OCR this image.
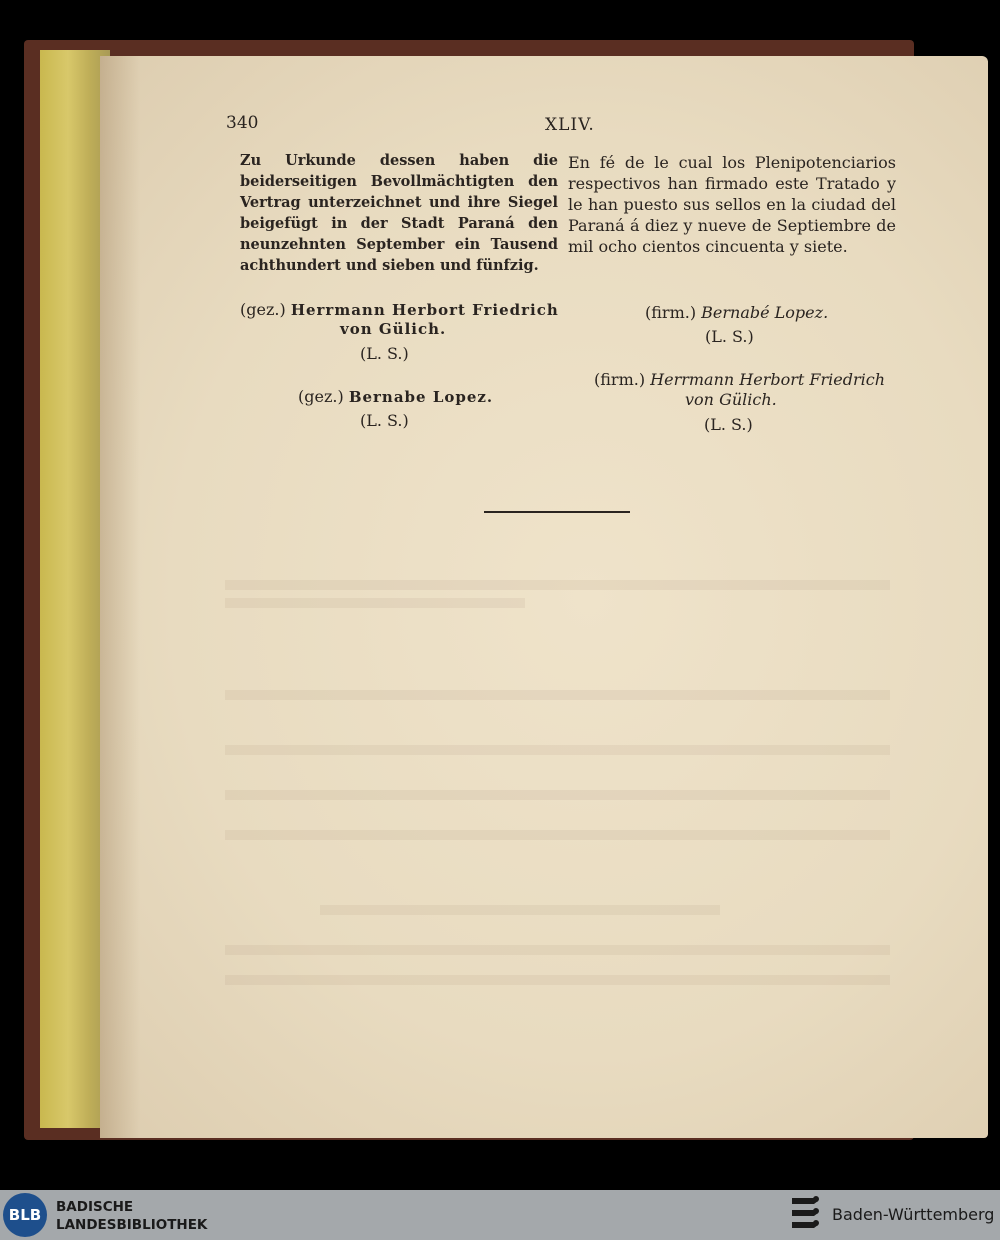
340	XLIV.
Zu Urkunde dessen haben die beiderseitigen Bevollmächtigten den Vertrag unterzeichnet und ihre Siegel beigefügt in der Stadt Paraná den neunzehnten September ein Tausend achthundert und sieben und fünfzig.
En fé de le cual los Plenipotenciarios respectivos han firmado este Tratado y le han puesto sus sellos en la ciudad del Paraná á diez y nueve de Septiembre de mil ocho cientos cincuenta y siete.
(gez.) Herrmann Herbort Friedrich
von Gülich.
(L. S.)
(gez.) Bernabe Lopez.
(L. S.)
(firm.) Bernabé Lopez.
(L. S.)
(firm.) Herrmann Herbort Friedrich
von Gülich.
(L. S.)
BLB	BADISCHE
LANDESBIBLIOTHEK
Baden-Württemberg
